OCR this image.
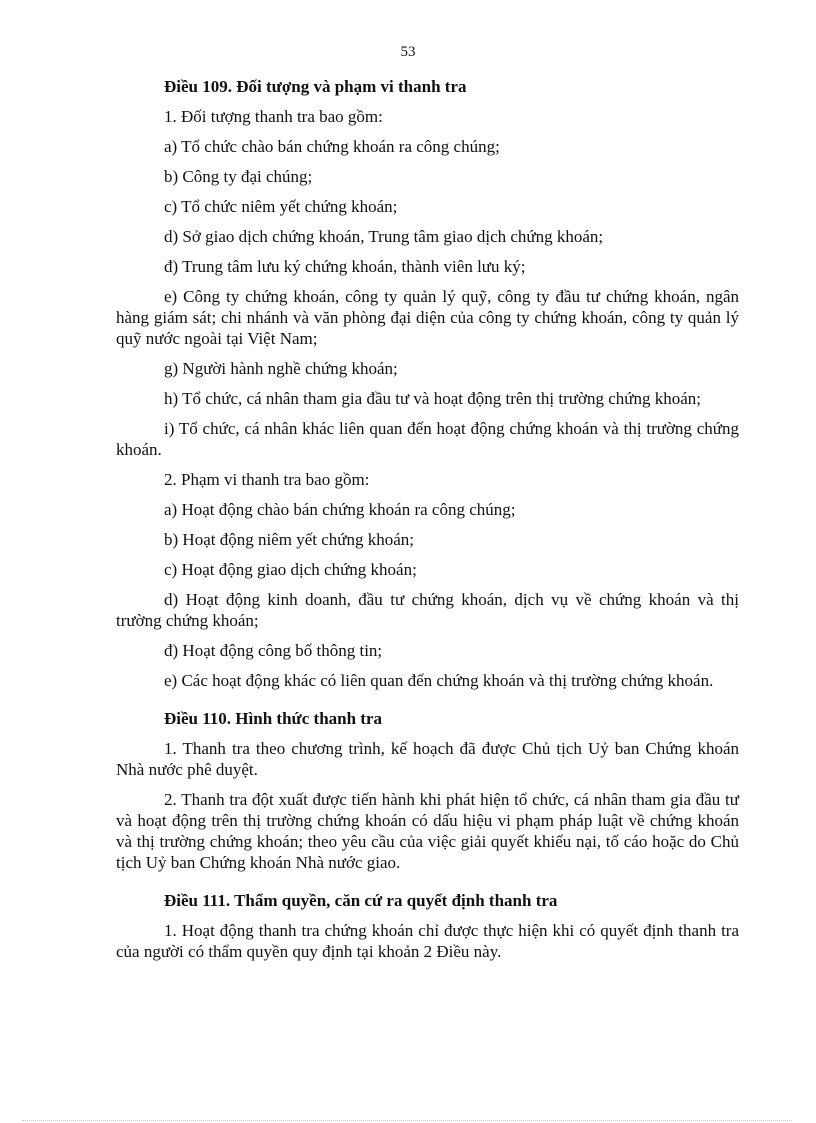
53

Điều 109. Đối tượng và phạm vi thanh tra

1. Đối tượng thanh tra bao gồm:

a) Tổ chức chào bán chứng khoán ra công chúng;

b) Công ty đại chúng;

c) Tổ chức niêm yết chứng khoán;

d) Sở giao dịch chứng khoán, Trung tâm giao dịch chứng khoán;

đ) Trung tâm lưu ký chứng khoán, thành viên lưu ký;

e) Công ty chứng khoán, công ty quản lý quỹ, công ty đầu tư chứng khoán, ngân hàng giám sát; chi nhánh và văn phòng đại diện của công ty chứng khoán, công ty quản lý quỹ nước ngoài tại Việt Nam;

g) Người hành nghề chứng khoán;

h) Tổ chức, cá nhân tham gia đầu tư và hoạt động trên thị trường chứng khoán;

i) Tổ chức, cá nhân khác liên quan đến hoạt động chứng khoán và thị trường chứng khoán.

2. Phạm vi thanh tra bao gồm:

a) Hoạt động chào bán chứng khoán ra công chúng;

b) Hoạt động niêm yết chứng khoán;

c) Hoạt động giao dịch chứng khoán;

d) Hoạt động kinh doanh, đầu tư chứng khoán, dịch vụ về chứng khoán và thị trường chứng khoán;

đ) Hoạt động công bố thông tin;

e) Các hoạt động khác có liên quan đến chứng khoán và thị trường chứng khoán.

Điều 110. Hình thức thanh tra

1. Thanh tra theo chương trình, kế hoạch đã được Chủ tịch Uỷ ban Chứng khoán Nhà nước phê duyệt.

2. Thanh tra đột xuất được tiến hành khi phát hiện tổ chức, cá nhân tham gia đầu tư và hoạt động trên thị trường chứng khoán có dấu hiệu vi phạm pháp luật về chứng khoán và thị trường chứng khoán; theo yêu cầu của việc giải quyết khiếu nại, tố cáo hoặc do Chủ tịch Uỷ ban Chứng khoán Nhà nước giao.

Điều 111. Thẩm quyền, căn cứ ra quyết định thanh tra

1. Hoạt động thanh tra chứng khoán chỉ được thực hiện khi có quyết định thanh tra của người có thẩm quyền quy định tại khoản 2 Điều này.
